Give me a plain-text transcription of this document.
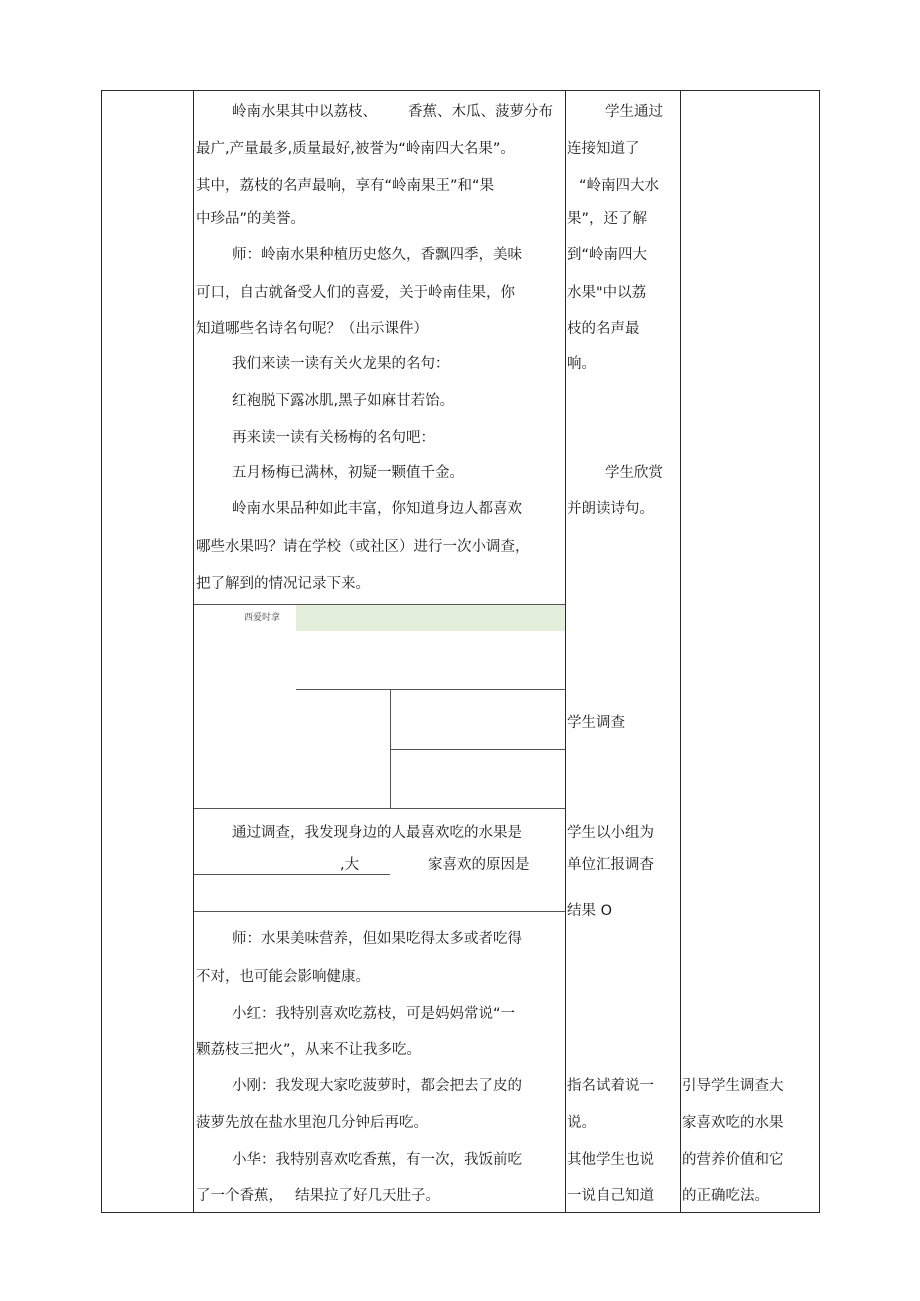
西爱时拿
岭南水果其中以荔枝、 香蕉、木瓜、菠萝分布
最广,产量最多,质量最好,被誉为“岭南四大名果”。
其中，荔枝的名声最响，享有“岭南果王”和“果
中珍品”的美誉。
师：岭南水果种植历史悠久，香飘四季，美味
可口，自古就备受人们的喜爱，关于岭南佳果，你
知道哪些名诗名句呢？（出示课件）
我们来读一读有关火龙果的名句：
红袍脱下露冰肌,黑子如麻甘若饴。
再来读一读有关杨梅的名句吧：
五月杨梅已满林，初疑一颗值千金。
岭南水果品种如此丰富，你知道身边人都喜欢
哪些水果吗？请在学校（或社区）进行一次小调查，
把了解到的情况记录下来。
通过调查，我发现身边的人最喜欢吃的水果是
,大	家喜欢的原因是
师：水果美味营养，但如果吃得太多或者吃得
不对，也可能会影响健康。
小红：我特别喜欢吃荔枝，可是妈妈常说“一
颗荔枝三把火”，从来不让我多吃。
小刚：我发现大家吃菠萝时，都会把去了皮的
菠萝先放在盐水里泡几分钟后再吃。
小华：我特别喜欢吃香蕉，有一次，我饭前吃
了一个香蕉， 结果拉了好几天肚子。
学生通过
连接知道了
“岭南四大水
果”，还了解
到“岭南四大
水果"中以荔
枝的名声最
响。
学生欣赏
并朗读诗句。
学生调查
学生以小组为
单位汇报调杳
结果 O
指名试着说一
说。
其他学生也说
一说自己知道
引导学生调查大
家喜欢吃的水果
的营养价值和它
的正确吃法。
